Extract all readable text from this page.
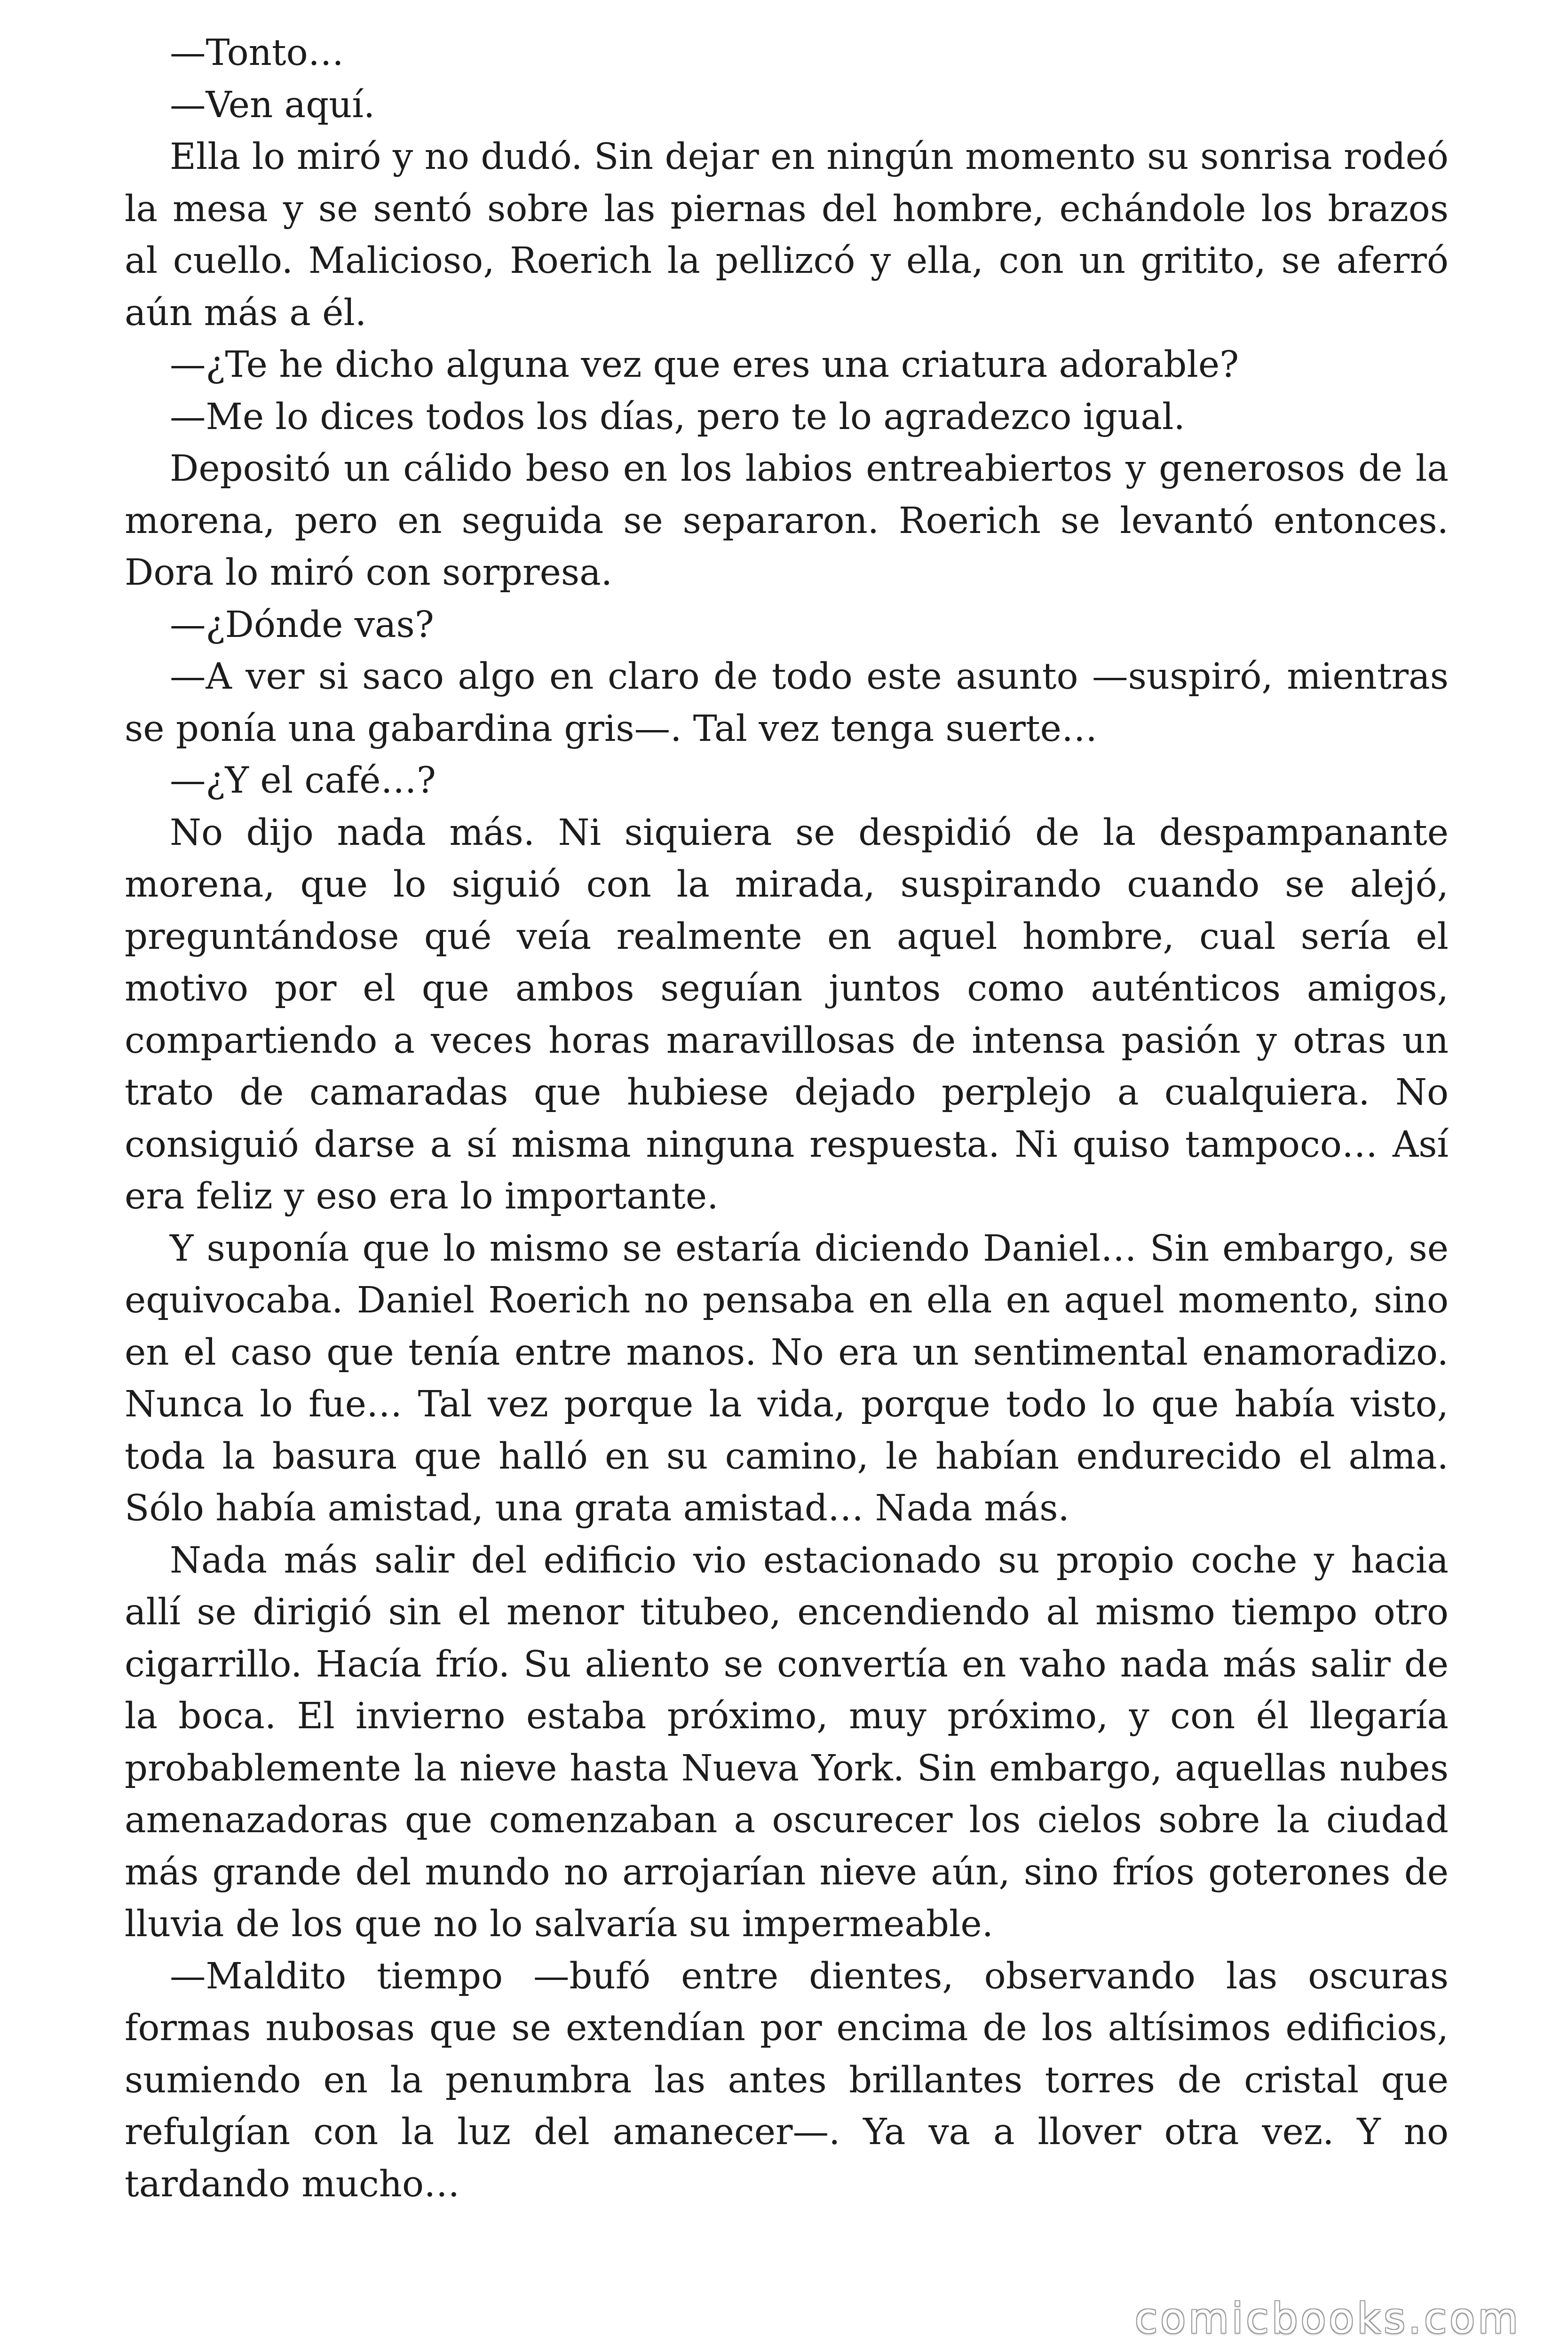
—Tonto…

—Ven aquí.

Ella lo miró y no dudó. Sin dejar en ningún momento su sonrisa rodeó la mesa y se sentó sobre las piernas del hombre, echándole los brazos al cuello. Malicioso, Roerich la pellizcó y ella, con un gritito, se aferró aún más a él.

—¿Te he dicho alguna vez que eres una criatura adorable?

—Me lo dices todos los días, pero te lo agradezco igual.

Depositó un cálido beso en los labios entreabiertos y generosos de la morena, pero en seguida se separaron. Roerich se levantó entonces. Dora lo miró con sorpresa.

—¿Dónde vas?

—A ver si saco algo en claro de todo este asunto —suspiró, mientras se ponía una gabardina gris—. Tal vez tenga suerte…

—¿Y el café…?

No dijo nada más. Ni siquiera se despidió de la despampanante morena, que lo siguió con la mirada, suspirando cuando se alejó, preguntándose qué veía realmente en aquel hombre, cual sería el motivo por el que ambos seguían juntos como auténticos amigos, compartiendo a veces horas maravillosas de intensa pasión y otras un trato de camaradas que hubiese dejado perplejo a cualquiera. No consiguió darse a sí misma ninguna respuesta. Ni quiso tampoco… Así era feliz y eso era lo importante.

Y suponía que lo mismo se estaría diciendo Daniel… Sin embargo, se equivocaba. Daniel Roerich no pensaba en ella en aquel momento, sino en el caso que tenía entre manos. No era un sentimental enamoradizo. Nunca lo fue… Tal vez porque la vida, porque todo lo que había visto, toda la basura que halló en su camino, le habían endurecido el alma. Sólo había amistad, una grata amistad… Nada más.

Nada más salir del edificio vio estacionado su propio coche y hacia allí se dirigió sin el menor titubeo, encendiendo al mismo tiempo otro cigarrillo. Hacía frío. Su aliento se convertía en vaho nada más salir de la boca. El invierno estaba próximo, muy próximo, y con él llegaría probablemente la nieve hasta Nueva York. Sin embargo, aquellas nubes amenazadoras que comenzaban a oscurecer los cielos sobre la ciudad más grande del mundo no arrojarían nieve aún, sino fríos goterones de lluvia de los que no lo salvaría su impermeable.

—Maldito tiempo —bufó entre dientes, observando las oscuras formas nubosas que se extendían por encima de los altísimos edificios, sumiendo en la penumbra las antes brillantes torres de cristal que refulgían con la luz del amanecer—. Ya va a llover otra vez. Y no tardando mucho…

comicbooks.com
